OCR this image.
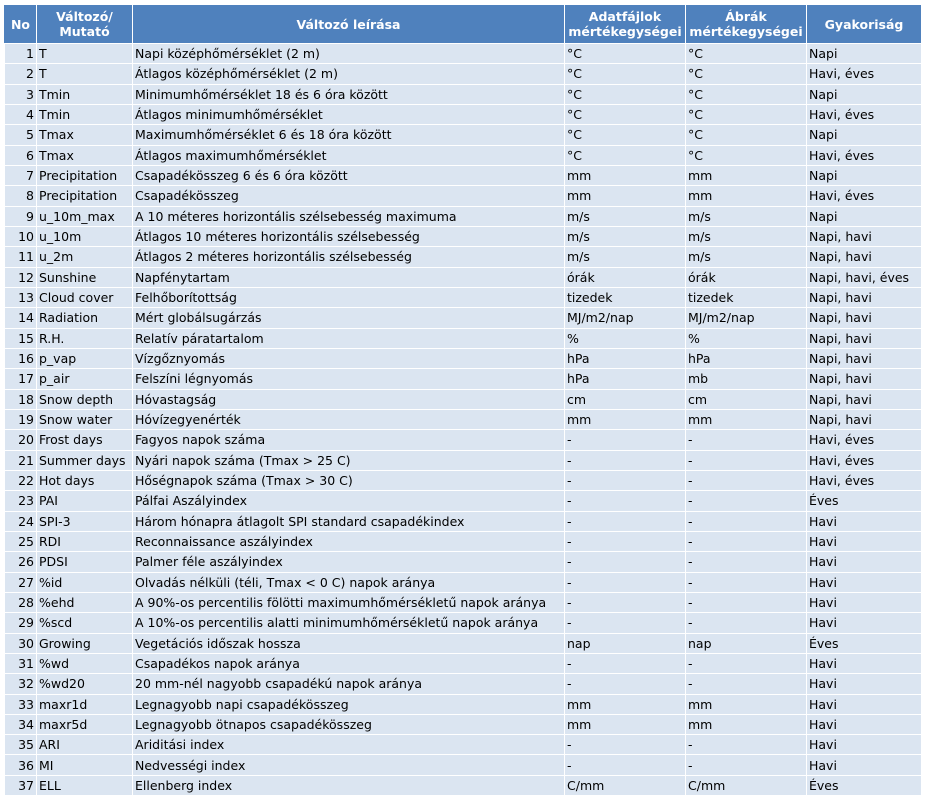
No	Változó/ Mutató	Változó leírása	Adatfájlok mértékegységei	Ábrák mértékegységei	Gyakoriság
1	T	Napi középhőmérséklet (2 m)	°C	°C	Napi
2	T	Átlagos középhőmérséklet (2 m)	°C	°C	Havi, éves
3	Tmin	Minimumhőmérséklet 18 és 6 óra között	°C	°C	Napi
4	Tmin	Átlagos minimumhőmérséklet	°C	°C	Havi, éves
5	Tmax	Maximumhőmérséklet 6 és 18 óra között	°C	°C	Napi
6	Tmax	Átlagos maximumhőmérséklet	°C	°C	Havi, éves
7	Precipitation	Csapadékösszeg 6 és 6 óra között	mm	mm	Napi
8	Precipitation	Csapadékösszeg	mm	mm	Havi, éves
9	u_10m_max	A 10 méteres horizontális szélsebesség maximuma	m/s	m/s	Napi
10	u_10m	Átlagos 10 méteres horizontális szélsebesség	m/s	m/s	Napi, havi
11	u_2m	Átlagos 2 méteres horizontális szélsebesség	m/s	m/s	Napi, havi
12	Sunshine	Napfénytartam	órák	órák	Napi, havi, éves
13	Cloud cover	Felhőborítottság	tizedek	tizedek	Napi, havi
14	Radiation	Mért globálsugárzás	MJ/m2/nap	MJ/m2/nap	Napi, havi
15	R.H.	Relatív páratartalom	%	%	Napi, havi
16	p_vap	Vízgőznyomás	hPa	hPa	Napi, havi
17	p_air	Felszíni légnyomás	hPa	mb	Napi, havi
18	Snow depth	Hóvastagság	cm	cm	Napi, havi
19	Snow water	Hóvízegyenérték	mm	mm	Napi, havi
20	Frost days	Fagyos napok száma	-	-	Havi, éves
21	Summer days	Nyári napok száma (Tmax > 25 C)	-	-	Havi, éves
22	Hot days	Hőségnapok száma (Tmax > 30 C)	-	-	Havi, éves
23	PAI	Pálfai Aszályindex	-	-	Éves
24	SPI-3	Három hónapra átlagolt SPI standard csapadékindex	-	-	Havi
25	RDI	Reconnaissance aszályindex	-	-	Havi
26	PDSI	Palmer féle aszályindex	-	-	Havi
27	%id	Olvadás nélküli (téli, Tmax < 0 C) napok aránya	-	-	Havi
28	%ehd	A 90%-os percentilis fölötti maximumhőmérsékletű napok aránya	-	-	Havi
29	%scd	A 10%-os percentilis alatti minimumhőmérsékletű napok aránya	-	-	Havi
30	Growing	Vegetációs időszak hossza	nap	nap	Éves
31	%wd	Csapadékos napok aránya	-	-	Havi
32	%wd20	20 mm-nél nagyobb csapadékú napok aránya	-	-	Havi
33	maxr1d	Legnagyobb napi csapadékösszeg	mm	mm	Havi
34	maxr5d	Legnagyobb ötnapos csapadékösszeg	mm	mm	Havi
35	ARI	Ariditási index	-	-	Havi
36	MI	Nedvességi index	-	-	Havi
37	ELL	Ellenberg index	C/mm	C/mm	Éves
